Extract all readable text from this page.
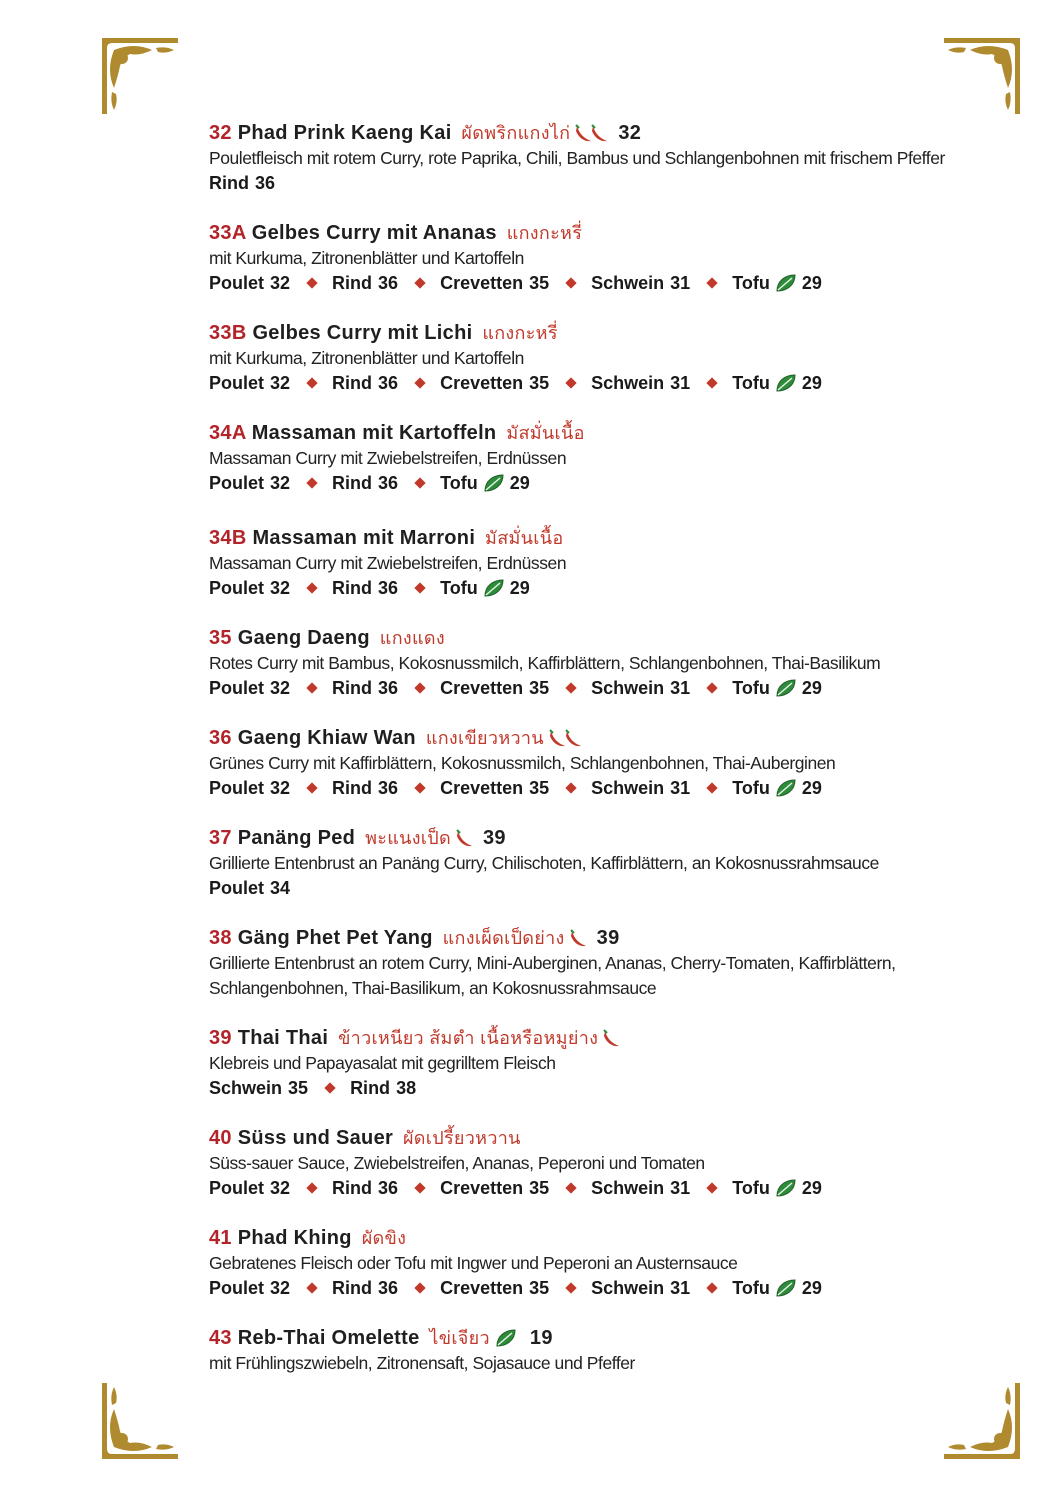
32 Phad Prink Kaeng Kai ผัดพริกแกงไก่ 32
Pouletfleisch mit rotem Curry, rote Paprika, Chili, Bambus und Schlangenbohnen mit frischem Pfeffer
Rind 36
33A Gelbes Curry mit Ananas แกงกะหรี่
mit Kurkuma, Zitronenblätter und Kartoffeln
Poulet 32 Rind 36 Crevetten 35 Schwein 31 Tofu 29
33B Gelbes Curry mit Lichi แกงกะหรี่
mit Kurkuma, Zitronenblätter und Kartoffeln
Poulet 32 Rind 36 Crevetten 35 Schwein 31 Tofu 29
34A Massaman mit Kartoffeln มัสมั่นเนื้อ
Massaman Curry mit Zwiebelstreifen, Erdnüssen
Poulet 32 Rind 36 Tofu 29
34B Massaman mit Marroni มัสมั่นเนื้อ
Massaman Curry mit Zwiebelstreifen, Erdnüssen
Poulet 32 Rind 36 Tofu 29
35 Gaeng Daeng แกงแดง
Rotes Curry mit Bambus, Kokosnussmilch, Kaffirblättern, Schlangenbohnen, Thai-Basilikum
Poulet 32 Rind 36 Crevetten 35 Schwein 31 Tofu 29
36 Gaeng Khiaw Wan แกงเขียวหวาน
Grünes Curry mit Kaffirblättern, Kokosnussmilch, Schlangenbohnen, Thai-Auberginen
Poulet 32 Rind 36 Crevetten 35 Schwein 31 Tofu 29
37 Panäng Ped พะแนงเป็ด 39
Grillierte Entenbrust an Panäng Curry, Chilischoten, Kaffirblättern, an Kokosnussrahmsauce
Poulet 34
38 Gäng Phet Pet Yang แกงเผ็ดเป็ดย่าง 39
Grillierte Entenbrust an rotem Curry, Mini-Auberginen, Ananas, Cherry-Tomaten, Kaffirblättern,
Schlangenbohnen, Thai-Basilikum, an Kokosnussrahmsauce
39 Thai Thai ข้าวเหนียว ส้มตำ เนื้อหรือหมูย่าง
Klebreis und Papayasalat mit gegrilltem Fleisch
Schwein 35 Rind 38
40 Süss und Sauer ผัดเปรี้ยวหวาน
Süss-sauer Sauce, Zwiebelstreifen, Ananas, Peperoni und Tomaten
Poulet 32 Rind 36 Crevetten 35 Schwein 31 Tofu 29
41 Phad Khing ผัดขิง
Gebratenes Fleisch oder Tofu mit Ingwer und Peperoni an Austernsauce
Poulet 32 Rind 36 Crevetten 35 Schwein 31 Tofu 29
43 Reb-Thai Omelette ไข่เจียว 19
mit Frühlingszwiebeln, Zitronensaft, Sojasauce und Pfeffer
